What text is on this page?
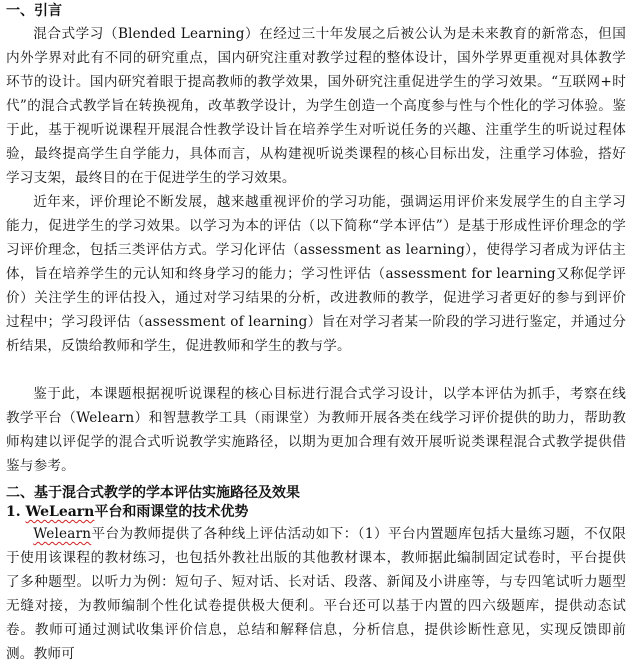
一、引言

混合式学习（Blended Learning）在经过三十年发展之后被公认为是未来教育的新常态，但国内外学界对此有不同的研究重点，国内研究注重对教学过程的整体设计，国外学界更重视对具体教学环节的设计。国内研究着眼于提高教师的教学效果，国外研究注重促进学生的学习效果。“互联网+时代”的混合式教学旨在转换视角，改革教学设计，为学生创造一个高度参与性与个性化的学习体验。鉴于此，基于视听说课程开展混合性教学设计旨在培养学生对听说任务的兴趣、注重学生的听说过程体验，最终提高学生自学能力，具体而言，从构建视听说类课程的核心目标出发，注重学习体验，搭好学习支架，最终目的在于促进学生的学习效果。

近年来，评价理论不断发展，越来越重视评价的学习功能，强调运用评价来发展学生的自主学习能力，促进学生的学习效果。以学习为本的评估（以下简称“学本评估”）是基于形成性评价理念的学习评价理念，包括三类评估方式。学习化评估（assessment as learning），使得学习者成为评估主体，旨在培养学生的元认知和终身学习的能力；学习性评估（assessment for learning又称促学评价）关注学生的评估投入，通过对学习结果的分析，改进教师的教学，促进学习者更好的参与到评价过程中；学习段评估（assessment of learning）旨在对学习者某一阶段的学习进行鉴定，并通过分析结果，反馈给教师和学生，促进教师和学生的教与学。

鉴于此，本课题根据视听说课程的核心目标进行混合式学习设计，以学本评估为抓手，考察在线教学平台（Welearn）和智慧教学工具（雨课堂）为教师开展各类在线学习评价提供的助力，帮助教师构建以评促学的混合式听说教学实施路径，以期为更加合理有效开展听说类课程混合式教学提供借鉴与参考。

二、基于混合式教学的学本评估实施路径及效果
1. WeLearn平台和雨课堂的技术优势

Welearn平台为教师提供了各种线上评估活动如下：（1）平台内置题库包括大量练习题，不仅限于使用该课程的教材练习，也包括外教社出版的其他教材课本，教师据此编制固定试卷时，平台提供了多种题型。以听力为例：短句子、短对话、长对话、段落、新闻及小讲座等，与专四笔试听力题型无缝对接，为教师编制个性化试卷提供极大便利。平台还可以基于内置的四六级题库，提供动态试卷。教师可通过测试收集评价信息，总结和解释信息，分析信息，提供诊断性意见，实现反馈即前测。教师可
